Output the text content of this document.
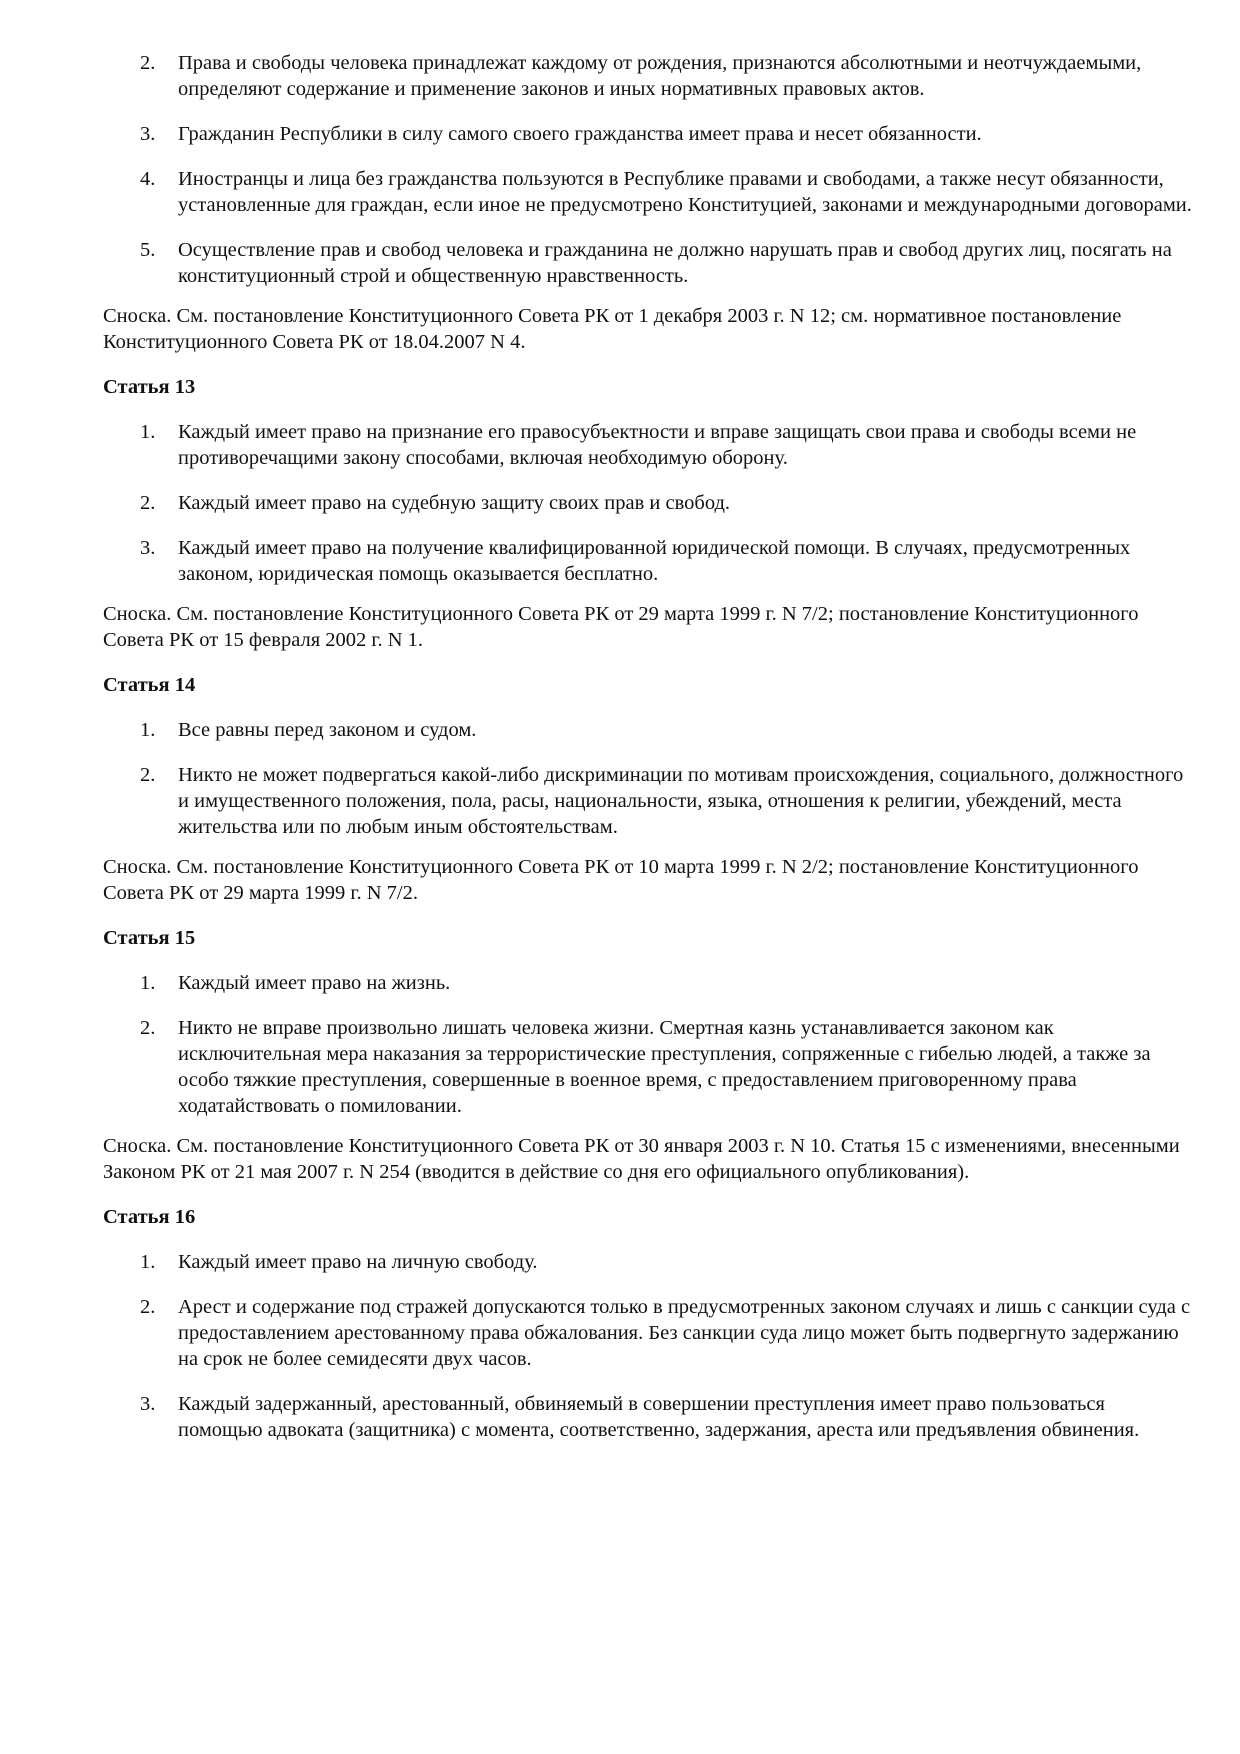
2. Права и свободы человека принадлежат каждому от рождения, признаются абсолютными и неотчуждаемыми, определяют содержание и применение законов и иных нормативных правовых актов.
3. Гражданин Республики в силу самого своего гражданства имеет права и несет обязанности.
4. Иностранцы и лица без гражданства пользуются в Республике правами и свободами, а также несут обязанности, установленные для граждан, если иное не предусмотрено Конституцией, законами и международными договорами.
5. Осуществление прав и свобод человека и гражданина не должно нарушать прав и свобод других лиц, посягать на конституционный строй и общественную нравственность.

Сноска. См. постановление Конституционного Совета РК от 1 декабря 2003 г. N 12; см. нормативное постановление Конституционного Совета РК от 18.04.2007 N 4.

Статья 13

1. Каждый имеет право на признание его правосубъектности и вправе защищать свои права и свободы всеми не противоречащими закону способами, включая необходимую оборону.
2. Каждый имеет право на судебную защиту своих прав и свобод.
3. Каждый имеет право на получение квалифицированной юридической помощи. В случаях, предусмотренных законом, юридическая помощь оказывается бесплатно.

Сноска. См. постановление Конституционного Совета РК от 29 марта 1999 г. N 7/2; постановление Конституционного Совета РК от 15 февраля 2002 г. N 1.

Статья 14

1. Все равны перед законом и судом.
2. Никто не может подвергаться какой-либо дискриминации по мотивам происхождения, социального, должностного и имущественного положения, пола, расы, национальности, языка, отношения к религии, убеждений, места жительства или по любым иным обстоятельствам.

Сноска. См. постановление Конституционного Совета РК от 10 марта 1999 г. N 2/2; постановление Конституционного Совета РК от 29 марта 1999 г. N 7/2.

Статья 15

1. Каждый имеет право на жизнь.
2. Никто не вправе произвольно лишать человека жизни. Смертная казнь устанавливается законом как исключительная мера наказания за террористические преступления, сопряженные с гибелью людей, а также за особо тяжкие преступления, совершенные в военное время, с предоставлением приговоренному права ходатайствовать о помиловании.

Сноска. См. постановление Конституционного Совета РК от 30 января 2003 г. N 10. Статья 15 с изменениями, внесенными Законом РК от 21 мая 2007 г. N 254 (вводится в действие со дня его официального опубликования).

Статья 16

1. Каждый имеет право на личную свободу.
2. Арест и содержание под стражей допускаются только в предусмотренных законом случаях и лишь с санкции суда с предоставлением арестованному права обжалования. Без санкции суда лицо может быть подвергнуто задержанию на срок не более семидесяти двух часов.
3. Каждый задержанный, арестованный, обвиняемый в совершении преступления имеет право пользоваться помощью адвоката (защитника) с момента, соответственно, задержания, ареста или предъявления обвинения.
